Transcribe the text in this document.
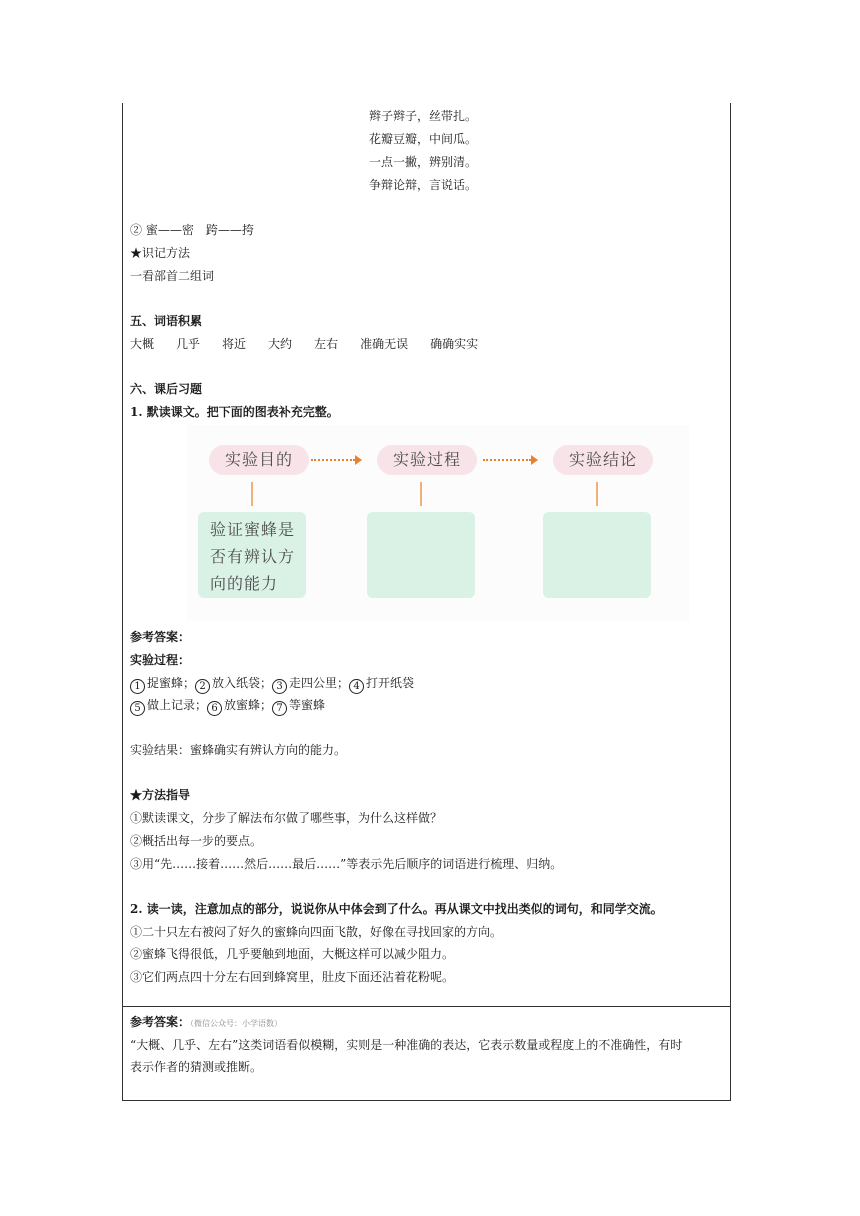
辫子辫子，丝带扎。
花瓣豆瓣，中间瓜。
一点一撇，辨别清。
争辩论辩，言说话。
② 蜜——密　跨——挎
★识记方法
一看部首二组词
五、词语积累
大概 几乎 将近 大约 左右 准确无误 确确实实
六、课后习题
1. 默读课文。把下面的图表补充完整。
实验目的	实验过程	实验结论
验证蜜蜂是
否有辨认方
向的能力
参考答案：
实验过程：
1 捉蜜蜂； 2 放入纸袋； 3 走四公里； 4 打开纸袋
5 做上记录； 6 放蜜蜂； 7 等蜜蜂
实验结果：蜜蜂确实有辨认方向的能力。
★方法指导
①默读课文，分步了解法布尔做了哪些事，为什么这样做？
②概括出每一步的要点。
③用“先……接着……然后……最后……”等表示先后顺序的词语进行梳理、归纳。
2. 读一读，注意加点的部分，说说你从中体会到了什么。再从课文中找出类似的词句，和同学交流。
①二十只左右被闷了好久的蜜蜂向四面飞散，好像在寻找回家的方向。
②蜜蜂飞得很低，几乎要触到地面，大概这样可以减少阻力。
③它们两点四十分左右回到蜂窝里，肚皮下面还沾着花粉呢。
参考答案：（微信公众号：小学语数）
“大概、几乎、左右”这类词语看似模糊，实则是一种准确的表达，它表示数量或程度上的不准确性，有时
表示作者的猜测或推断。
